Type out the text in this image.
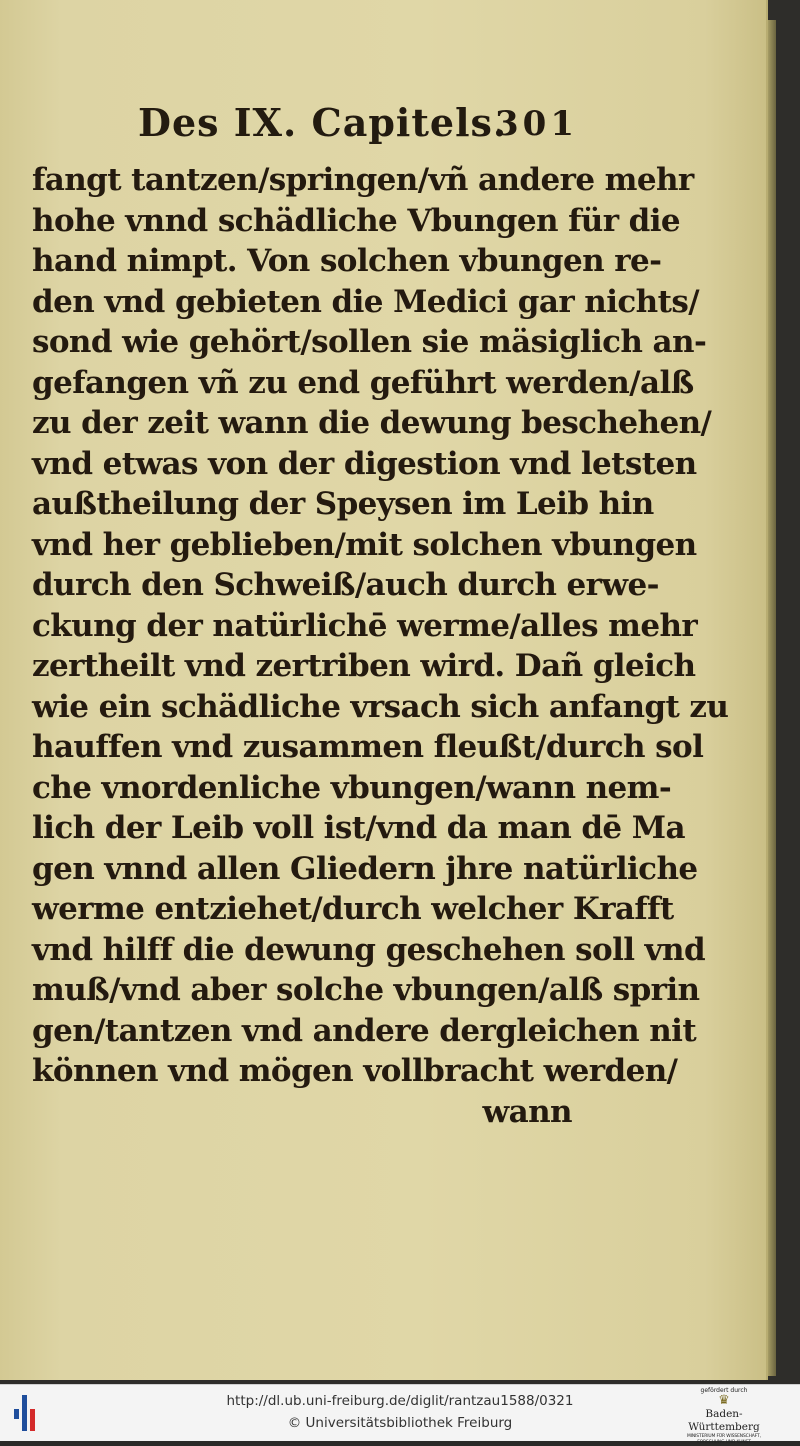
Des IX. Capitels.
301
fangt tantzen/springen/vñ andere mehr
hohe vnnd schädliche Vbungen für die
hand nimpt. Von solchen vbungen re-
den vnd gebieten die Medici gar nichts/
sond wie gehört/sollen sie mäsiglich an-
gefangen vñ zu end geführt werden/alß
zu der zeit wann die dewung beschehen/
vnd etwas von der digestion vnd letsten
außtheilung der Speysen im Leib hin
vnd her geblieben/mit solchen vbungen
durch den Schweiß/auch durch erwe-
ckung der natürlichē werme/alles mehr
zertheilt vnd zertriben wird. Dañ gleich
wie ein schädliche vrsach sich anfangt zu
hauffen vnd zusammen fleußt/durch sol
che vnordenliche vbungen/wann nem-
lich der Leib voll ist/vnd da man dē Ma
gen vnnd allen Gliedern jhre natürliche
werme entziehet/durch welcher Krafft
vnd hilff die dewung geschehen soll vnd
muß/vnd aber solche vbungen/alß sprin
gen/tantzen vnd andere dergleichen nit
können vnd mögen vollbracht werden/
wann
http://dl.ub.uni-freiburg.de/diglit/rantzau1588/0321
© Universitätsbibliothek Freiburg
gefördert durch
♛
Baden-Württemberg
MINISTERIUM FÜR WISSENSCHAFT, FORSCHUNG UND KUNST
